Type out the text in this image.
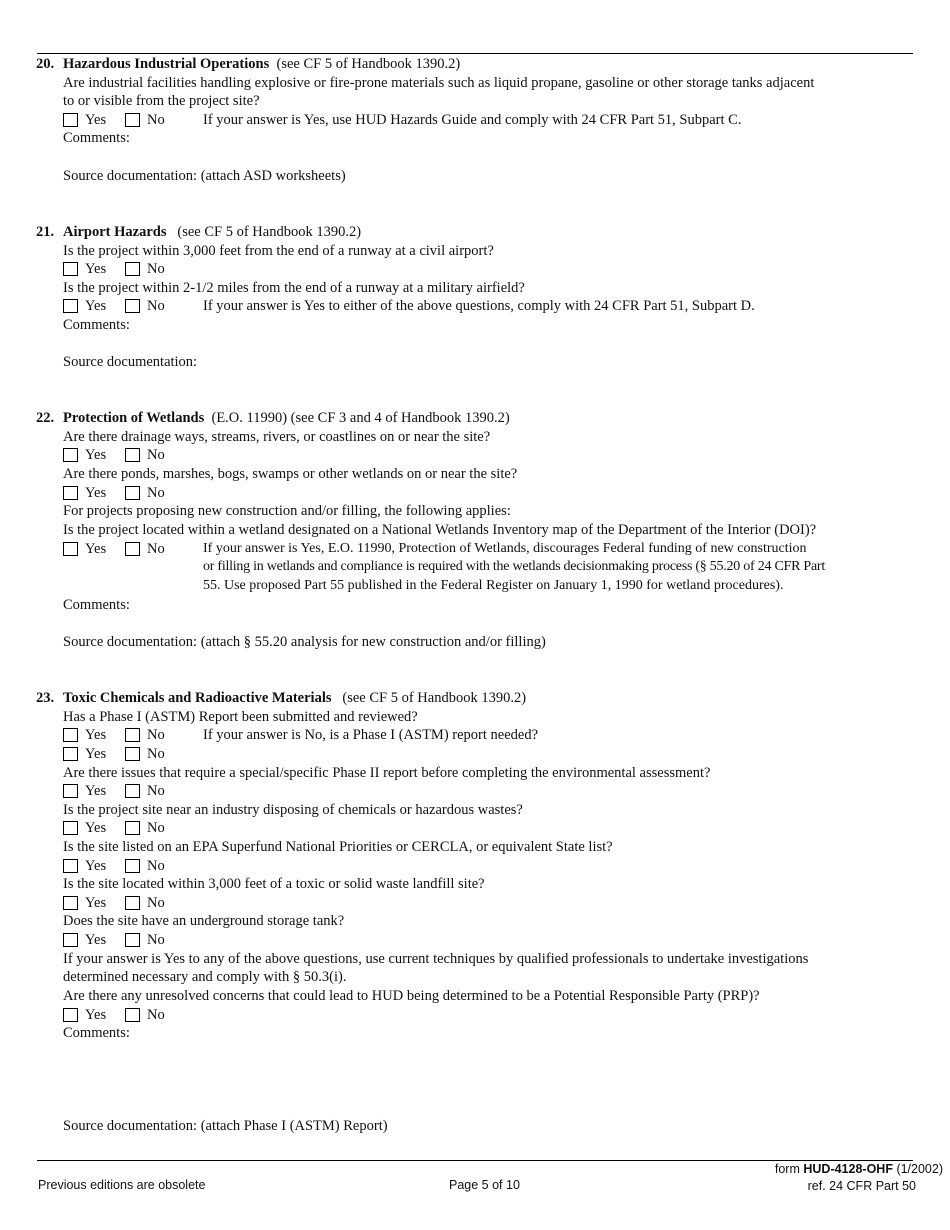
20. Hazardous Industrial Operations (see CF 5 of Handbook 1390.2)
Are industrial facilities handling explosive or fire-prone materials such as liquid propane, gasoline or other storage tanks adjacent
to or visible from the project site?
Yes	No	If your answer is Yes, use HUD Hazards Guide and comply with 24 CFR Part 51, Subpart C.
Comments:
Source documentation: (attach ASD worksheets)
21. Airport Hazards (see CF 5 of Handbook 1390.2)
Is the project within 3,000 feet from the end of a runway at a civil airport?
Yes	No
Is the project within 2-1/2 miles from the end of a runway at a military airfield?
Yes	No	If your answer is Yes to either of the above questions, comply with 24 CFR Part 51, Subpart D.
Comments:
Source documentation:
22. Protection of Wetlands (E.O. 11990) (see CF 3 and 4 of Handbook 1390.2)
Are there drainage ways, streams, rivers, or coastlines on or near the site?
Yes	No
Are there ponds, marshes, bogs, swamps or other wetlands on or near the site?
Yes	No
For projects proposing new construction and/or filling, the following applies:
Is the project located within a wetland designated on a National Wetlands Inventory map of the Department of the Interior (DOI)?
Yes	No	If your answer is Yes, E.O. 11990, Protection of Wetlands, discourages Federal funding of new construction
or filling in wetlands and compliance is required with the wetlands decisionmaking process (§ 55.20 of 24 CFR Part
55. Use proposed Part 55 published in the Federal Register on January 1, 1990 for wetland procedures).
Comments:
Source documentation: (attach § 55.20 analysis for new construction and/or filling)
23. Toxic Chemicals and Radioactive Materials (see CF 5 of Handbook 1390.2)
Has a Phase I (ASTM) Report been submitted and reviewed?
Yes	No	If your answer is No, is a Phase I (ASTM) report needed?
Yes	No
Are there issues that require a special/specific Phase II report before completing the environmental assessment?
Yes	No
Is the project site near an industry disposing of chemicals or hazardous wastes?
Yes	No
Is the site listed on an EPA Superfund National Priorities or CERCLA, or equivalent State list?
Yes	No
Is the site located within 3,000 feet of a toxic or solid waste landfill site?
Yes	No
Does the site have an underground storage tank?
Yes	No
If your answer is Yes to any of the above questions, use current techniques by qualified professionals to undertake investigations
determined necessary and comply with § 50.3(i).
Are there any unresolved concerns that could lead to HUD being determined to be a Potential Responsible Party (PRP)?
Yes	No
Comments:
Source documentation: (attach Phase I (ASTM) Report)
Previous editions are obsolete	Page 5 of 10
form HUD-4128-OHF (1/2002)
ref. 24 CFR Part 50
